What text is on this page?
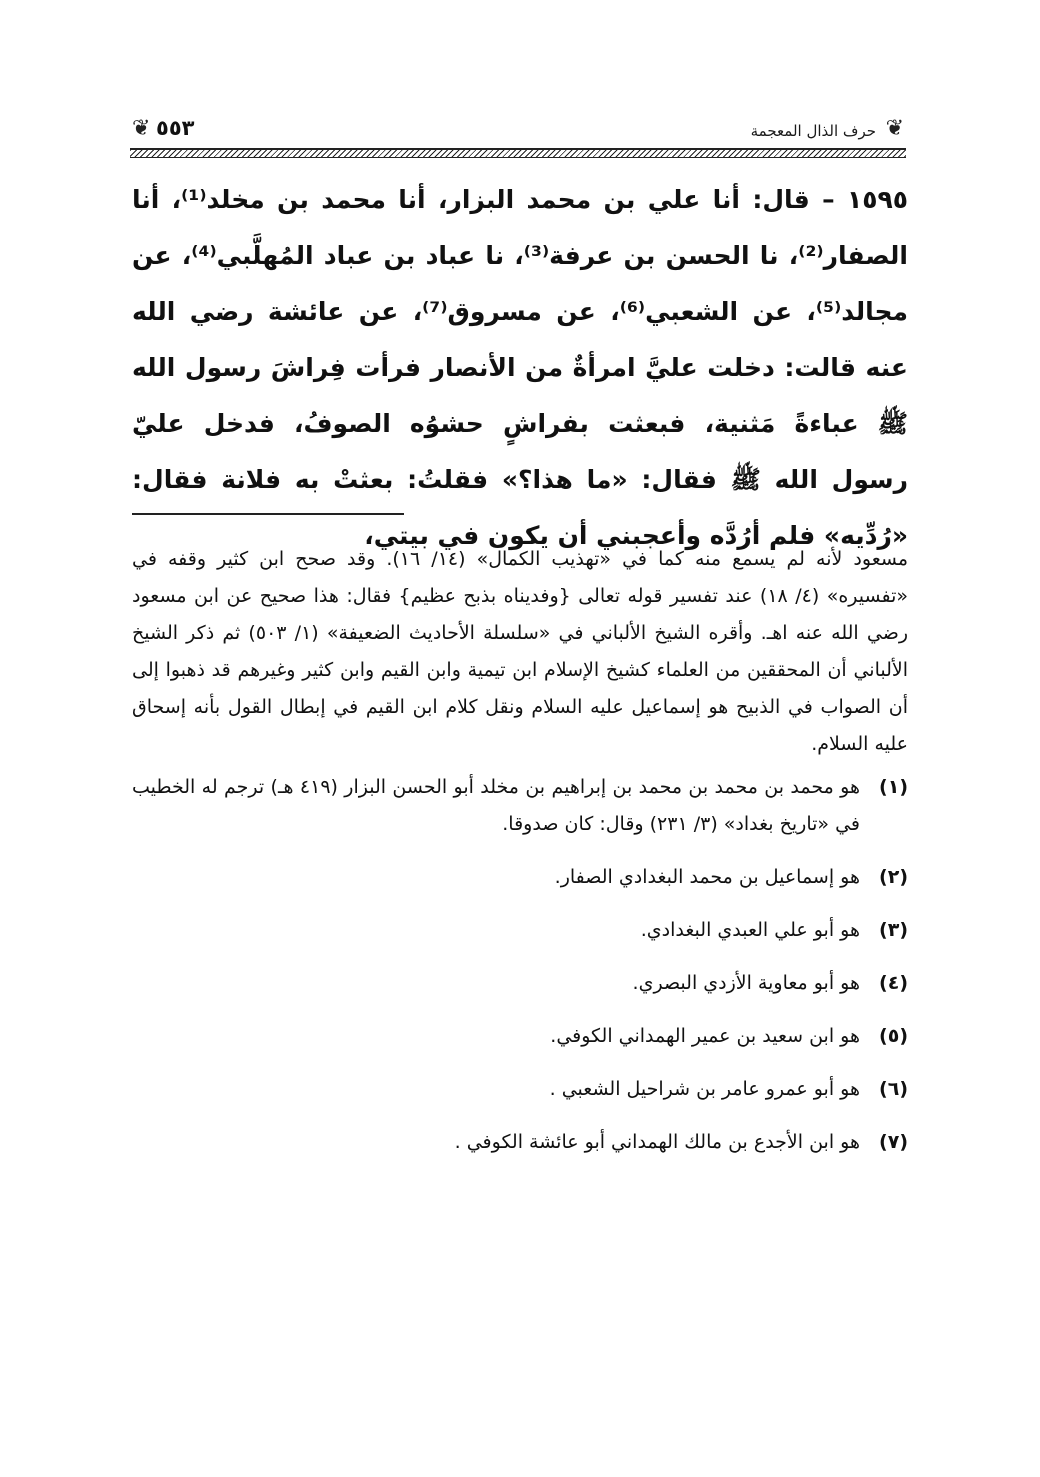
❦
حرف الذال المعجمة
٥٥٣
❦

١٥٩٥ – قال: أنا علي بن محمد البزار، أنا محمد بن مخلد⁽¹⁾، أنا الصفار⁽²⁾، نا الحسن بن عرفة⁽³⁾، نا عباد بن عباد المُهلَّبي⁽⁴⁾، عن مجالد⁽⁵⁾، عن الشعبي⁽⁶⁾، عن مسروق⁽⁷⁾، عن عائشة رضي الله عنه قالت: دخلت عليَّ امرأةٌ من الأنصار فرأت فِراشَ رسول الله ﷺ عباءةً مَثنية، فبعثت بفراشٍ حشوُه الصوفُ، فدخل عليّ رسول الله ﷺ فقال: «ما هذا؟» فقلتُ: بعثتْ به فلانة فقال: «رُدِّيه» فلم أرُدَّه وأعجبني أن يكون في بيتي،

مسعود لأنه لم يسمع منه كما في «تهذيب الكمال» (١٤/ ١٦). وقد صحح ابن كثير وقفه في «تفسيره» (٤/ ١٨) عند تفسير قوله تعالى {وفديناه بذبح عظيم} فقال: هذا صحيح عن ابن مسعود رضي الله عنه اهـ. وأقره الشيخ الألباني في «سلسلة الأحاديث الضعيفة» (١/ ٥٠٣) ثم ذكر الشيخ الألباني أن المحققين من العلماء كشيخ الإسلام ابن تيمية وابن القيم وابن كثير وغيرهم قد ذهبوا إلى أن الصواب في الذبيح هو إسماعيل عليه السلام ونقل كلام ابن القيم في إبطال القول بأنه إسحاق عليه السلام.

(١)
هو محمد بن محمد بن محمد بن إبراهيم بن مخلد أبو الحسن البزار (٤١٩ هـ) ترجم له الخطيب في «تاريخ بغداد» (٣/ ٢٣١) وقال: كان صدوقا.
(٢)
هو إسماعيل بن محمد البغدادي الصفار.
(٣)
هو أبو علي العبدي البغدادي.
(٤)
هو أبو معاوية الأزدي البصري.
(٥)
هو ابن سعيد بن عمير الهمداني الكوفي.
(٦)
هو أبو عمرو عامر بن شراحيل الشعبي .
(٧)
هو ابن الأجدع بن مالك الهمداني أبو عائشة الكوفي .
